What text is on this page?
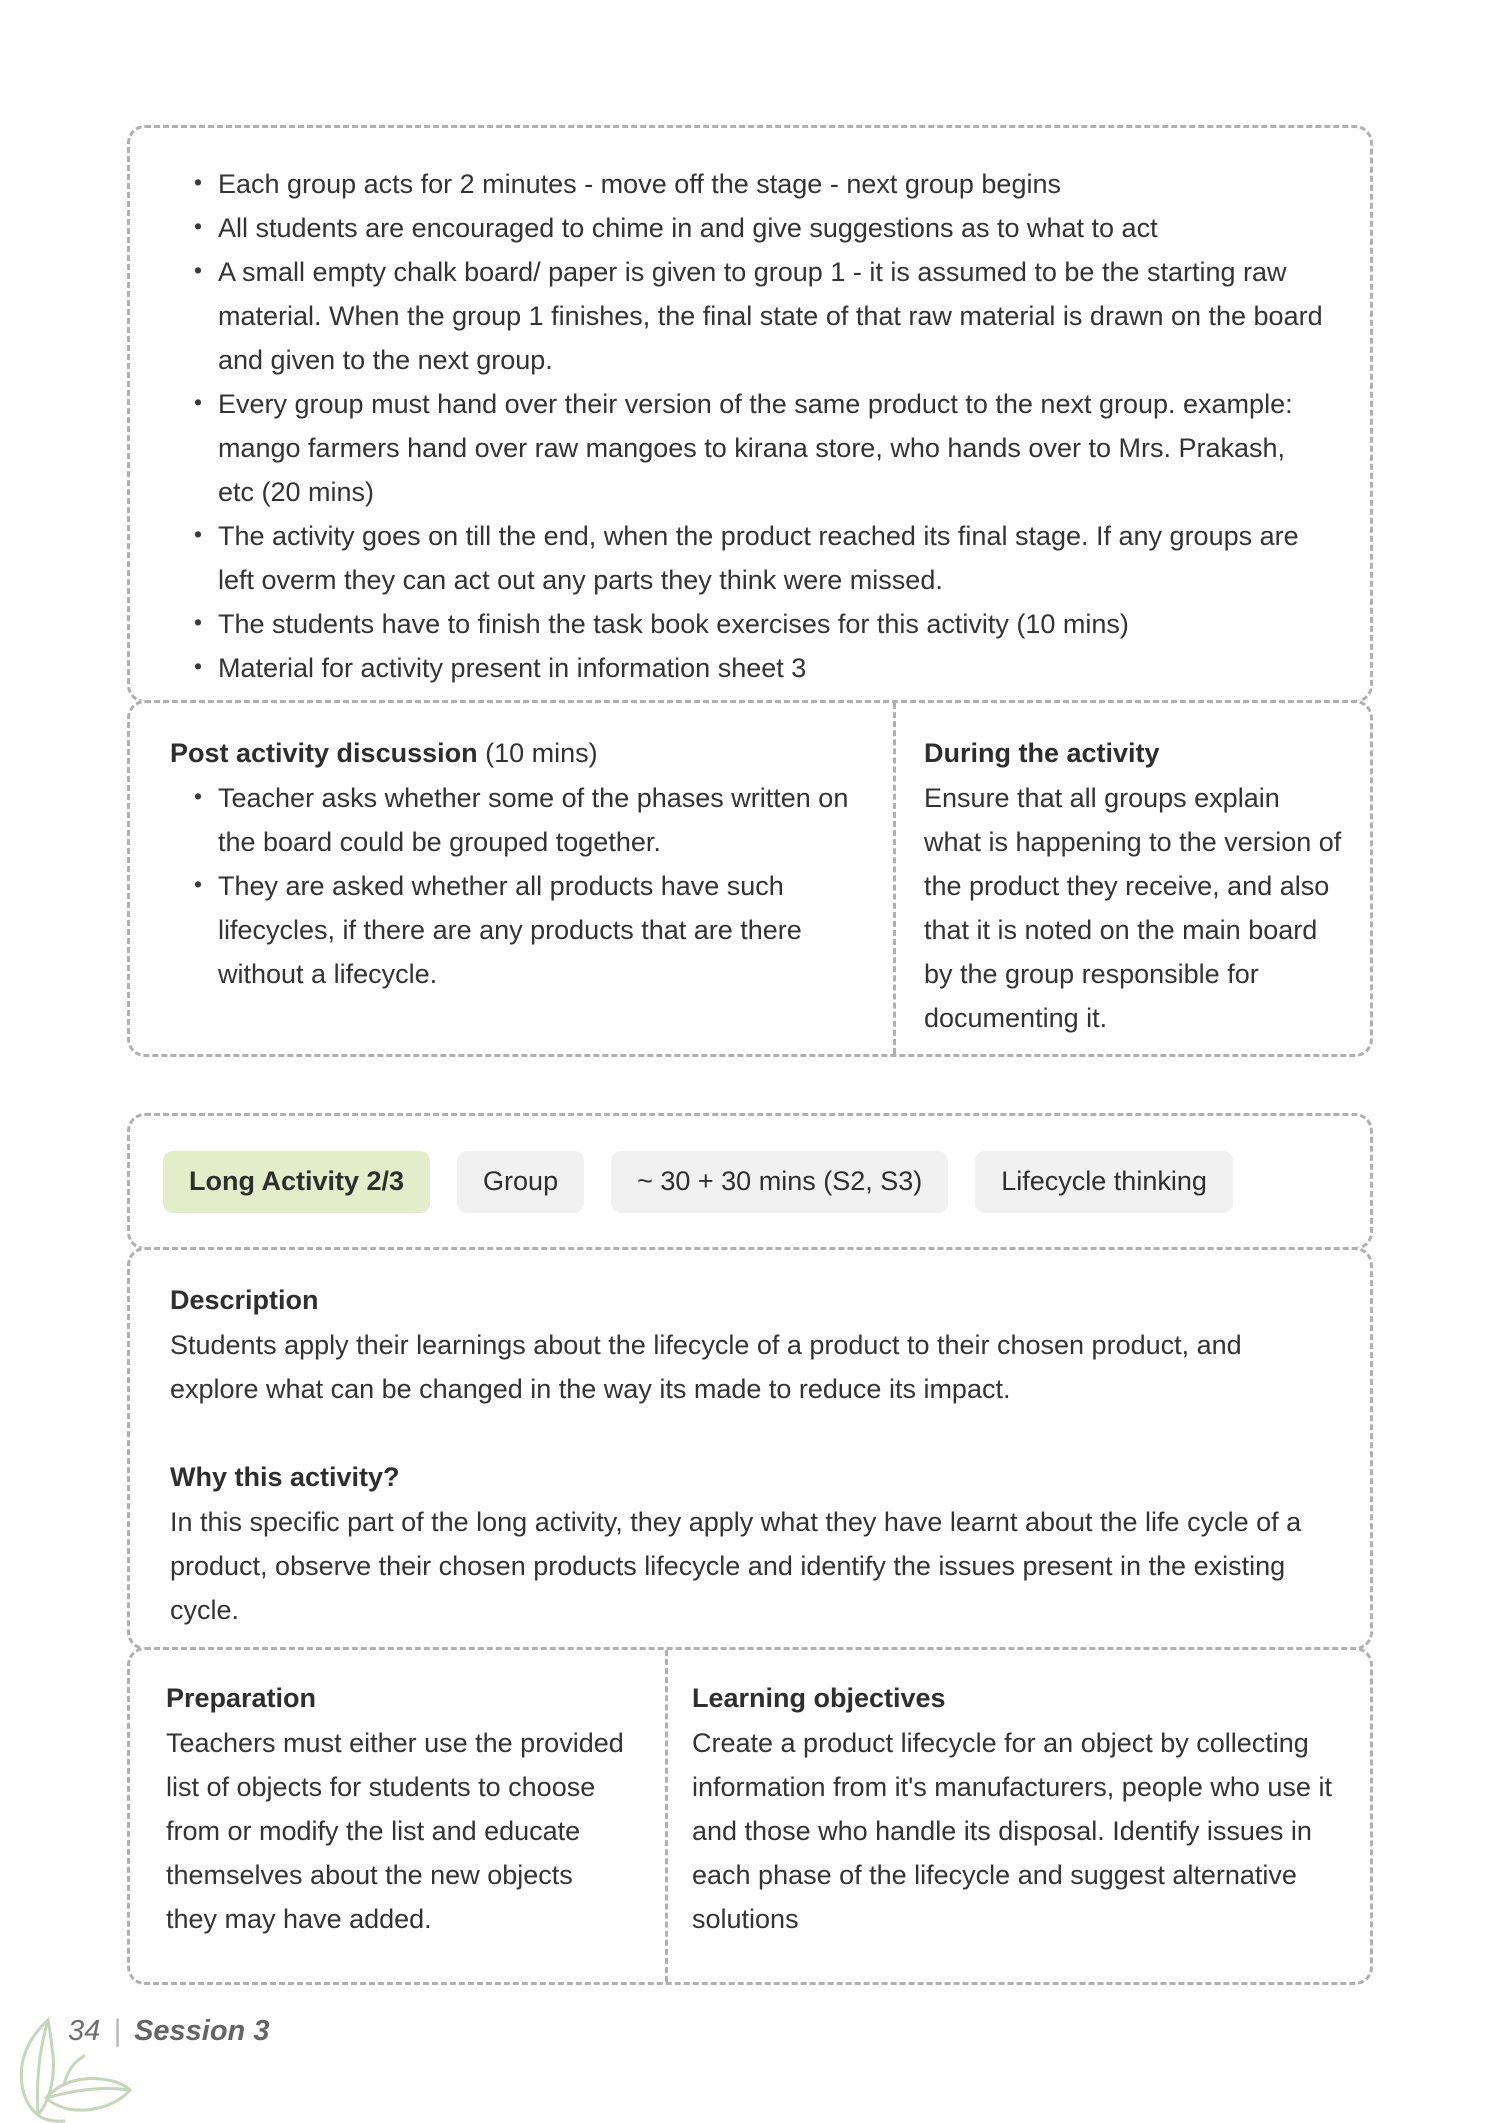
• Each group acts for 2 minutes - move off the stage - next group begins
• All students are encouraged to chime in and give suggestions as to what to act
• A small empty chalk board/ paper is given to group 1 - it is assumed to be the starting raw material. When the group 1 finishes, the final state of that raw material is drawn on the board and given to the next group.
• Every group must hand over their version of the same product to the next group. example: mango farmers hand over raw mangoes to kirana store, who hands over to Mrs. Prakash, etc (20 mins)
• The activity goes on till the end, when the product reached its final stage. If any groups are left overm they can act out any parts they think were missed.
• The students have to finish the task book exercises for this activity (10 mins)
• Material for activity present in information sheet 3
Post activity discussion (10 mins)
• Teacher asks whether some of the phases written on the board could be grouped together.
• They are asked whether all products have such lifecycles, if there are any products that are there without a lifecycle.
During the activity

Ensure that all groups explain what is happening to the version of the product they receive, and also that it is noted on the main board by the group responsible for documenting it.

Long Activity 2/3	Group	~ 30 + 30 mins (S2, S3)	Lifecycle thinking
Description

Students apply their learnings about the lifecycle of a product to their chosen product, and explore what can be changed in the way its made to reduce its impact.

Why this activity?

In this specific part of the long activity, they apply what they have learnt about the life cycle of a product, observe their chosen products lifecycle and identify the issues present in the existing cycle.

Preparation

Teachers must either use the provided list of objects for students to choose from or modify the list and educate themselves about the new objects they may have added.

Learning objectives

Create a product lifecycle for an object by collecting information from it's manufacturers, people who use it and those who handle its disposal. Identify issues in each phase of the lifecycle and suggest alternative solutions

34 | Session 3
